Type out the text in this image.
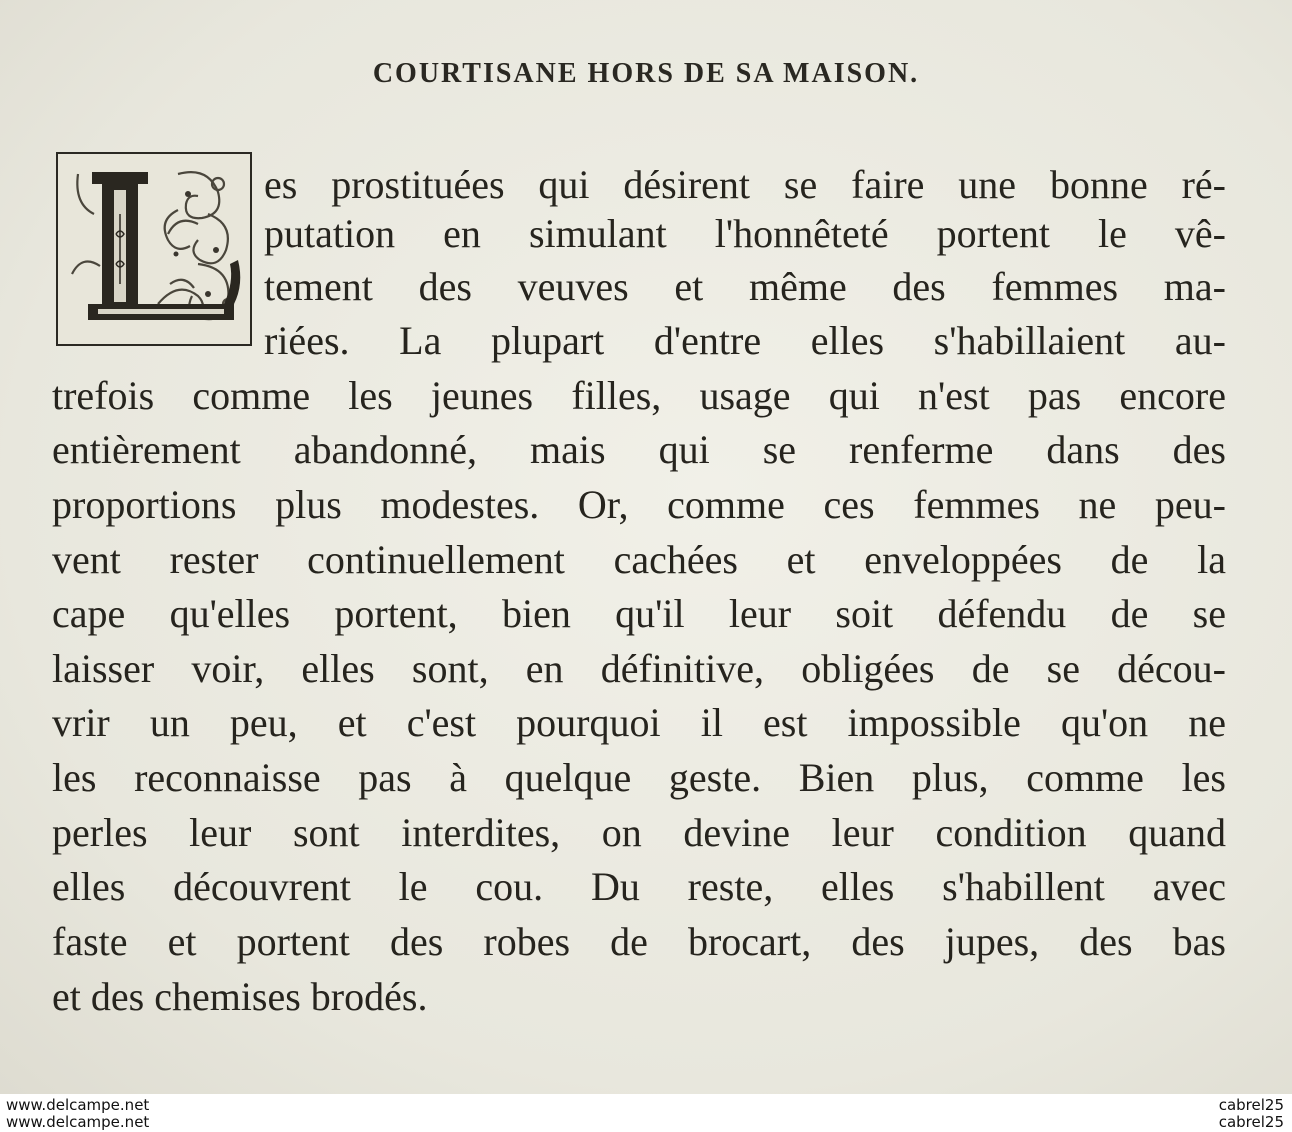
COURTISANE HORS DE SA MAISON.
es prostituées qui désirent se faire une bonne ré-
putation en simulant l'honnêteté portent le vê-
tement des veuves et même des femmes ma-
riées. La plupart d'entre elles s'habillaient au-
trefois comme les jeunes filles, usage qui n'est pas encore
entièrement abandonné, mais qui se renferme dans des
proportions plus modestes. Or, comme ces femmes ne peu-
vent rester continuellement cachées et enveloppées de la
cape qu'elles portent, bien qu'il leur soit défendu de se
laisser voir, elles sont, en définitive, obligées de se décou-
vrir un peu, et c'est pourquoi il est impossible qu'on ne
les reconnaisse pas à quelque geste. Bien plus, comme les
perles leur sont interdites, on devine leur condition quand
elles découvrent le cou. Du reste, elles s'habillent avec
faste et portent des robes de brocart, des jupes, des bas
et des chemises brodés.
www.delcampe.net
www.delcampe.net
cabrel25
cabrel25
